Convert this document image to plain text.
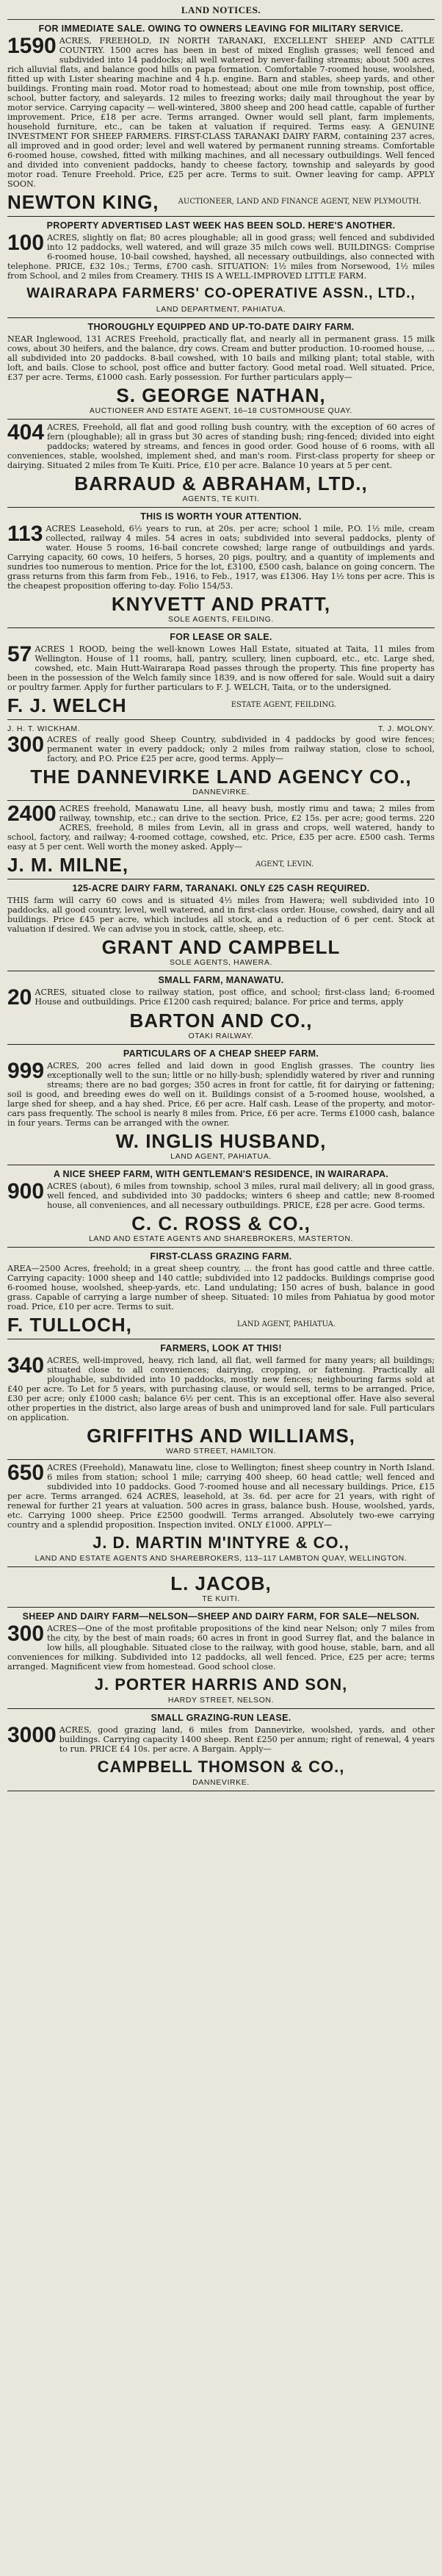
LAND NOTICES.
FOR IMMEDIATE SALE. OWING TO OWNERS LEAVING FOR MILITARY SERVICE.

1590 ACRES, FREEHOLD, IN NORTH TARANAKI, EXCELLENT SHEEP AND CATTLE COUNTRY. 1500 acres has been in best of mixed English grasses; well fenced and subdivided into 14 paddocks; all well watered by never-failing streams; about 500 acres rich alluvial flats, and balance good hills on papa formation. Comfortable 7-roomed house, woolshed, fitted up with Lister shearing machine and 4 h.p. engine. Barn and stables, sheep yards, and other buildings. Fronting main road. Motor road to homestead; about one mile from township, post office, school, butter factory, and saleyards. 12 miles to freezing works; daily mail throughout the year by motor service. Carrying capacity — well-wintered, 3800 sheep and 200 head cattle, capable of further improvement. Price, £18 per acre. Terms arranged. Owner would sell plant, farm implements, household furniture, etc., can be taken at valuation if required. Terms easy. A GENUINE INVESTMENT FOR SHEEP FARMERS. FIRST-CLASS TARANAKI DAIRY FARM, containing 237 acres, all improved and in good order; level and well watered by permanent running streams. Comfortable 6-roomed house, cowshed, fitted with milking machines, and all necessary outbuildings. Well fenced and divided into convenient paddocks, handy to cheese factory, township and saleyards by good motor road. Tenure Freehold. Price, £25 per acre. Terms to suit. Owner leaving for camp. APPLY SOON.

NEWTON KING,	AUCTIONEER, LAND AND FINANCE AGENT, NEW PLYMOUTH.
PROPERTY ADVERTISED LAST WEEK HAS BEEN SOLD. HERE'S ANOTHER.

100 ACRES, slightly on flat; 80 acres ploughable; all in good grass; well fenced and subdivided into 12 paddocks, well watered, and will graze 35 milch cows well. BUILDINGS: Comprise 6-roomed house, 10-bail cowshed, hayshed, all necessary outbuildings, also connected with telephone. PRICE, £32 10s.; Terms, £700 cash. SITUATION: 1½ miles from Norsewood, 1½ miles from School, and 2 miles from Creamery. THIS IS A WELL-IMPROVED LITTLE FARM.

WAIRARAPA FARMERS' CO-OPERATIVE ASSN., LTD.,
LAND DEPARTMENT, PAHIATUA.
THOROUGHLY EQUIPPED AND UP-TO-DATE DAIRY FARM.

NEAR Inglewood, 131 ACRES Freehold, practically flat, and nearly all in permanent grass. 15 milk cows, about 30 heifers, and the balance, dry cows. Cream and butter production. 10-roomed house, ... all subdivided into 20 paddocks. 8-bail cowshed, with 10 bails and milking plant; total stable, with loft, and bails. Close to school, post office and butter factory. Good metal road. Well situated. Price, £37 per acre. Terms, £1000 cash. Early possession. For further particulars apply—

S. GEORGE NATHAN,
AUCTIONEER AND ESTATE AGENT, 16–18 CUSTOMHOUSE QUAY.

404 ACRES, Freehold, all flat and good rolling bush country, with the exception of 60 acres of fern (ploughable); all in grass but 30 acres of standing bush; ring-fenced; divided into eight paddocks; watered by streams, and fences in good order. Good house of 6 rooms, with all conveniences, stable, woolshed, implement shed, and man's room. First-class property for sheep or dairying. Situated 2 miles from Te Kuiti. Price, £10 per acre. Balance 10 years at 5 per cent.

BARRAUD & ABRAHAM, LTD.,
AGENTS, TE KUITI.
THIS IS WORTH YOUR ATTENTION.

113 ACRES Leasehold, 6½ years to run, at 20s. per acre; school 1 mile, P.O. 1½ mile, cream collected, railway 4 miles. 54 acres in oats; subdivided into several paddocks, plenty of water. House 5 rooms, 16-bail concrete cowshed; large range of outbuildings and yards. Carrying capacity, 60 cows, 10 heifers, 5 horses, 20 pigs, poultry, and a quantity of implements and sundries too numerous to mention. Price for the lot, £3100, £500 cash, balance on going concern. The grass returns from this farm from Feb., 1916, to Feb., 1917, was £1306. Hay 1½ tons per acre. This is the cheapest proposition offering to-day. Folio 154/53.

KNYVETT AND PRATT,
SOLE AGENTS, FEILDING.
FOR LEASE OR SALE.

57 ACRES 1 ROOD, being the well-known Lowes Hall Estate, situated at Taita, 11 miles from Wellington. House of 11 rooms, hall, pantry, scullery, linen cupboard, etc., etc. Large shed, cowshed, etc. Main Hutt-Wairarapa Road passes through the property. This fine property has been in the possession of the Welch family since 1839, and is now offered for sale. Would suit a dairy or poultry farmer. Apply for further particulars to F. J. WELCH, Taita, or to the undersigned.

F. J. WELCH	ESTATE AGENT, FEILDING.
J. H. T. WICKHAM.	T. J. MOLONY.

300 ACRES of really good Sheep Country, subdivided in 4 paddocks by good wire fences; permanent water in every paddock; only 2 miles from railway station, close to school, factory, and P.O. Price £25 per acre, good terms. Apply—

THE DANNEVIRKE LAND AGENCY CO.,
DANNEVIRKE.

2400 ACRES freehold, Manawatu Line, all heavy bush, mostly rimu and tawa; 2 miles from railway, township, etc.; can drive to the section. Price, £2 15s. per acre; good terms. 220 ACRES, freehold, 8 miles from Levin, all in grass and crops, well watered, handy to school, factory, and railway; 4-roomed cottage, cowshed, etc. Price, £35 per acre. £500 cash. Terms easy at 5 per cent. Well worth the money asked. Apply—

J. M. MILNE,	AGENT, LEVIN.
125-ACRE DAIRY FARM, TARANAKI. ONLY £25 CASH REQUIRED.

THIS farm will carry 60 cows and is situated 4½ miles from Hawera; well subdivided into 10 paddocks, all good country, level, well watered, and in first-class order. House, cowshed, dairy and all buildings. Price £45 per acre, which includes all stock, and a reduction of 6 per cent. Stock at valuation if desired. We can advise you in stock, cattle, sheep, etc.

GRANT AND CAMPBELL
SOLE AGENTS, HAWERA.
SMALL FARM, MANAWATU.

20 ACRES, situated close to railway station, post office, and school; first-class land; 6-roomed House and outbuildings. Price £1200 cash required; balance. For price and terms, apply

BARTON AND CO.,
OTAKI RAILWAY.
PARTICULARS OF A CHEAP SHEEP FARM.

999 ACRES, 200 acres felled and laid down in good English grasses. The country lies exceptionally well to the sun; little or no hilly-bush; splendidly watered by river and running streams; there are no bad gorges; 350 acres in front for cattle, fit for dairying or fattening; soil is good, and breeding ewes do well on it. Buildings consist of a 5-roomed house, woolshed, a large shed for sheep, and a hay shed. Price, £6 per acre. Half cash. Lease of the property, and motor-cars pass frequently. The school is nearly 8 miles from. Price, £6 per acre. Terms £1000 cash, balance in four years. Terms can be arranged with the owner.

W. INGLIS HUSBAND,
LAND AGENT, PAHIATUA.
A NICE SHEEP FARM, WITH GENTLEMAN'S RESIDENCE, IN WAIRARAPA.

900 ACRES (about), 6 miles from township, school 3 miles, rural mail delivery; all in good grass, well fenced, and subdivided into 30 paddocks; winters 6 sheep and cattle; new 8-roomed house, all conveniences, and all necessary outbuildings. PRICE, £28 per acre. Good terms.

C. C. ROSS & CO.,
LAND AND ESTATE AGENTS AND SHAREBROKERS, MASTERTON.
FIRST-CLASS GRAZING FARM.

AREA—2500 Acres, freehold; in a great sheep country, ... the front has good cattle and three cattle. Carrying capacity: 1000 sheep and 140 cattle; subdivided into 12 paddocks. Buildings comprise good 6-roomed house, woolshed, sheep-yards, etc. Land undulating; 150 acres of bush, balance in good grass. Capable of carrying a large number of sheep. Situated: 10 miles from Pahiatua by good motor road. Price, £10 per acre. Terms to suit.

F. TULLOCH,	LAND AGENT, PAHIATUA.
FARMERS, LOOK AT THIS!

340 ACRES, well-improved, heavy, rich land, all flat, well farmed for many years; all buildings; situated close to all conveniences; dairying, cropping, or fattening. Practically all ploughable, subdivided into 10 paddocks, mostly new fences; neighbouring farms sold at £40 per acre. To Let for 5 years, with purchasing clause, or would sell, terms to be arranged. Price, £30 per acre; only £1000 cash; balance 6½ per cent. This is an exceptional offer. Have also several other properties in the district, also large areas of bush and unimproved land for sale. Full particulars on application.

GRIFFITHS AND WILLIAMS,
WARD STREET, HAMILTON.

650 ACRES (Freehold), Manawatu line, close to Wellington; finest sheep country in North Island. 6 miles from station; school 1 mile; carrying 400 sheep, 60 head cattle; well fenced and subdivided into 10 paddocks. Good 7-roomed house and all necessary buildings. Price, £15 per acre. Terms arranged. 624 ACRES, leasehold, at 3s. 6d. per acre for 21 years, with right of renewal for further 21 years at valuation. 500 acres in grass, balance bush. House, woolshed, yards, etc. Carrying 1000 sheep. Price £2500 goodwill. Terms arranged. Absolutely two-ewe carrying country and a splendid proposition. Inspection invited. ONLY £1000. APPLY—

J. D. MARTIN M'INTYRE & CO.,
LAND AND ESTATE AGENTS AND SHAREBROKERS, 113–117 LAMBTON QUAY, WELLINGTON.
L. JACOB,
TE KUITI.
SHEEP AND DAIRY FARM—NELSON—SHEEP AND DAIRY FARM, FOR SALE—NELSON.

300 ACRES—One of the most profitable propositions of the kind near Nelson; only 7 miles from the city, by the best of main roads; 60 acres in front in good Surrey flat, and the balance in low hills, all ploughable. Situated close to the railway, with good house, stable, barn, and all conveniences for milking. Subdivided into 12 paddocks, all well fenced. Price, £25 per acre; terms arranged. Magnificent view from homestead. Good school close.

J. PORTER HARRIS AND SON,
HARDY STREET, NELSON.
SMALL GRAZING-RUN LEASE.

3000 ACRES, good grazing land, 6 miles from Dannevirke, woolshed, yards, and other buildings. Carrying capacity 1400 sheep. Rent £250 per annum; right of renewal, 4 years to run. PRICE £4 10s. per acre. A Bargain. Apply—

CAMPBELL THOMSON & CO.,
DANNEVIRKE.
